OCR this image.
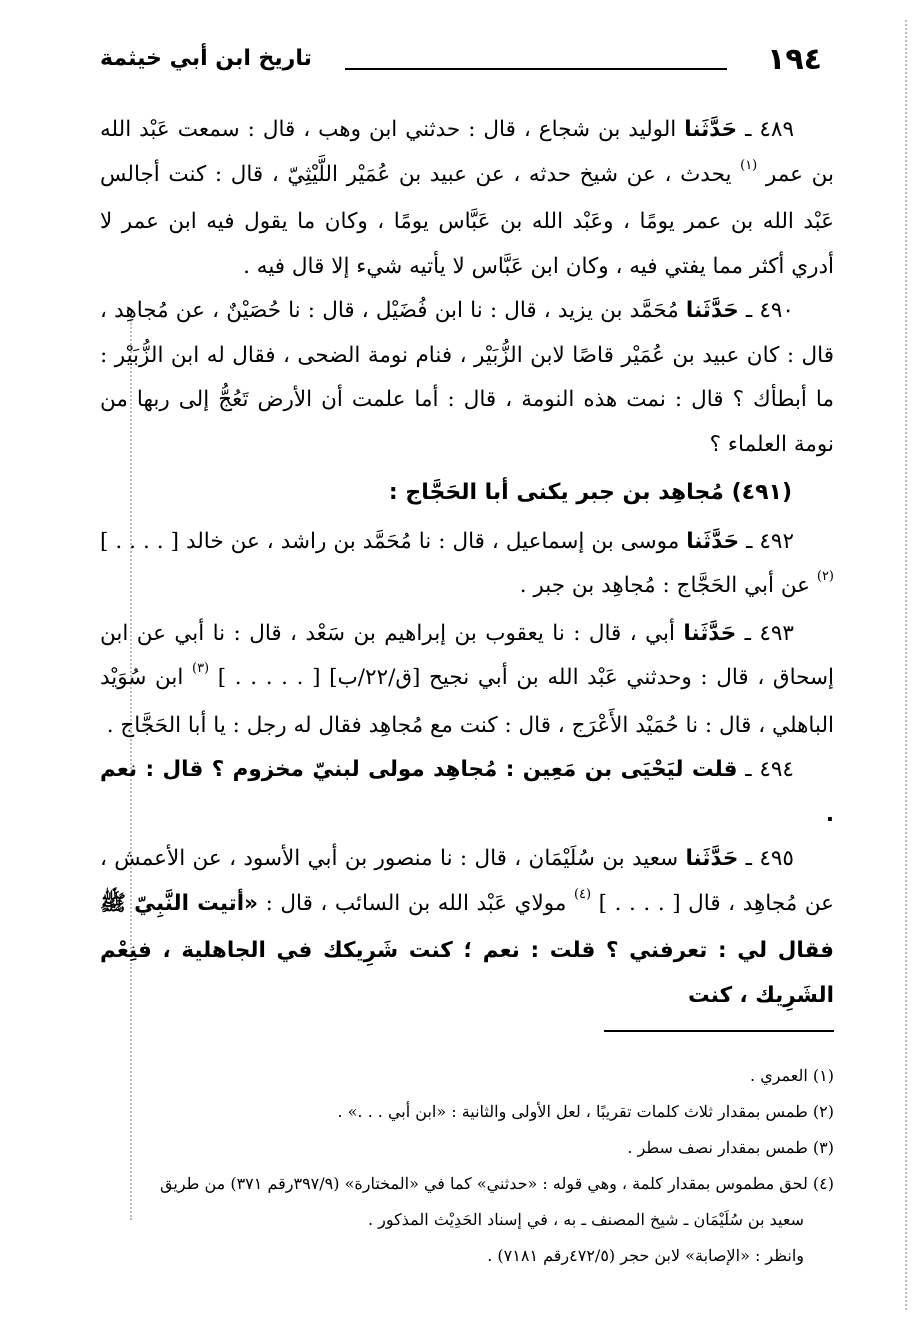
١٩٤
تاريخ ابن أبي خيثمة

٤٨٩ ـ حَدَّثَنا الوليد بن شجاع ، قال : حدثني ابن وهب ، قال : سمعت عَبْد الله بن عمر $^{(١)}$ يحدث ، عن شيخ حدثه ، عن عبيد بن عُمَيْر اللَّيْثِيّ ، قال : كنت أجالس عَبْد الله بن عمر يومًا ، وعَبْد الله بن عَبَّاس يومًا ، وكان ما يقول فيه ابن عمر لا أدري أكثر مما يفتي فيه ، وكان ابن عَبَّاس لا يأتيه شيء إلا قال فيه .

٤٩٠ ـ حَدَّثَنا مُحَمَّد بن يزيد ، قال : نا ابن فُضَيْل ، قال : نا حُصَيْنٌ ، عن مُجاهِد ، قال : كان عبيد بن عُمَيْر قاصًا لابن الزُّبَيْر ، فنام نومة الضحى ، فقال له ابن الزُّبَيْر : ما أبطأك ؟ قال : نمت هذه النومة ، قال : أما علمت أن الأرض تَعُجُّ إلى ربها من نومة العلماء ؟

(٤٩١) مُجاهِد بن جبر يكنى أبا الحَجَّاج :

٤٩٢ ـ حَدَّثَنا موسى بن إسماعيل ، قال : نا مُحَمَّد بن راشد ، عن خالد [ . . . . ] $^{(٢)}$ عن أبي الحَجَّاج : مُجاهِد بن جبر .

٤٩٣ ـ حَدَّثَنا أبي ، قال : نا يعقوب بن إبراهيم بن سَعْد ، قال : نا أبي عن ابن إسحاق ، قال : وحدثني عَبْد الله بن أبي نجيح [ق/٢٢/ب] [ . . . . . ] $^{(٣)}$ ابن سُوَيْد الباهلي ، قال : نا حُمَيْد الأَعْرَج ، قال : كنت مع مُجاهِد فقال له رجل : يا أبا الحَجَّاج .

٤٩٤ ـ قلت ليَحْيَى بن مَعِين : مُجاهِد مولى لبنيّ مخزوم ؟ قال : نعم .

٤٩٥ ـ حَدَّثَنا سعيد بن سُلَيْمَان ، قال : نا منصور بن أبي الأسود ، عن الأعمش ، عن مُجاهِد ، قال [ . . . . ] $^{(٤)}$ مولاي عَبْد الله بن السائب ، قال : «أتيت النَّبِيّ ﷺ فقال لي : تعرفني ؟ قلت : نعم ؛ كنت شَرِيكك في الجاهلية ، فنِعْم الشَرِيك ، كنت

(١) العمري .

(٢) طمس بمقدار ثلاث كلمات تقريبًا ، لعل الأولى والثانية : «ابن أبي . . .» .

(٣) طمس بمقدار نصف سطر .

(٤) لحق مطموس بمقدار كلمة ، وهي قوله : «حدثني» كما في «المختارة» (٣٩٧/٩رقم ٣٧١) من طريق

سعيد بن سُلَيْمَان ـ شيخ المصنف ـ به ، في إسناد الحَدِيْث المذكور .

وانظر : «الإصابة» لابن حجر (٤٧٢/٥رقم ٧١٨١) .
